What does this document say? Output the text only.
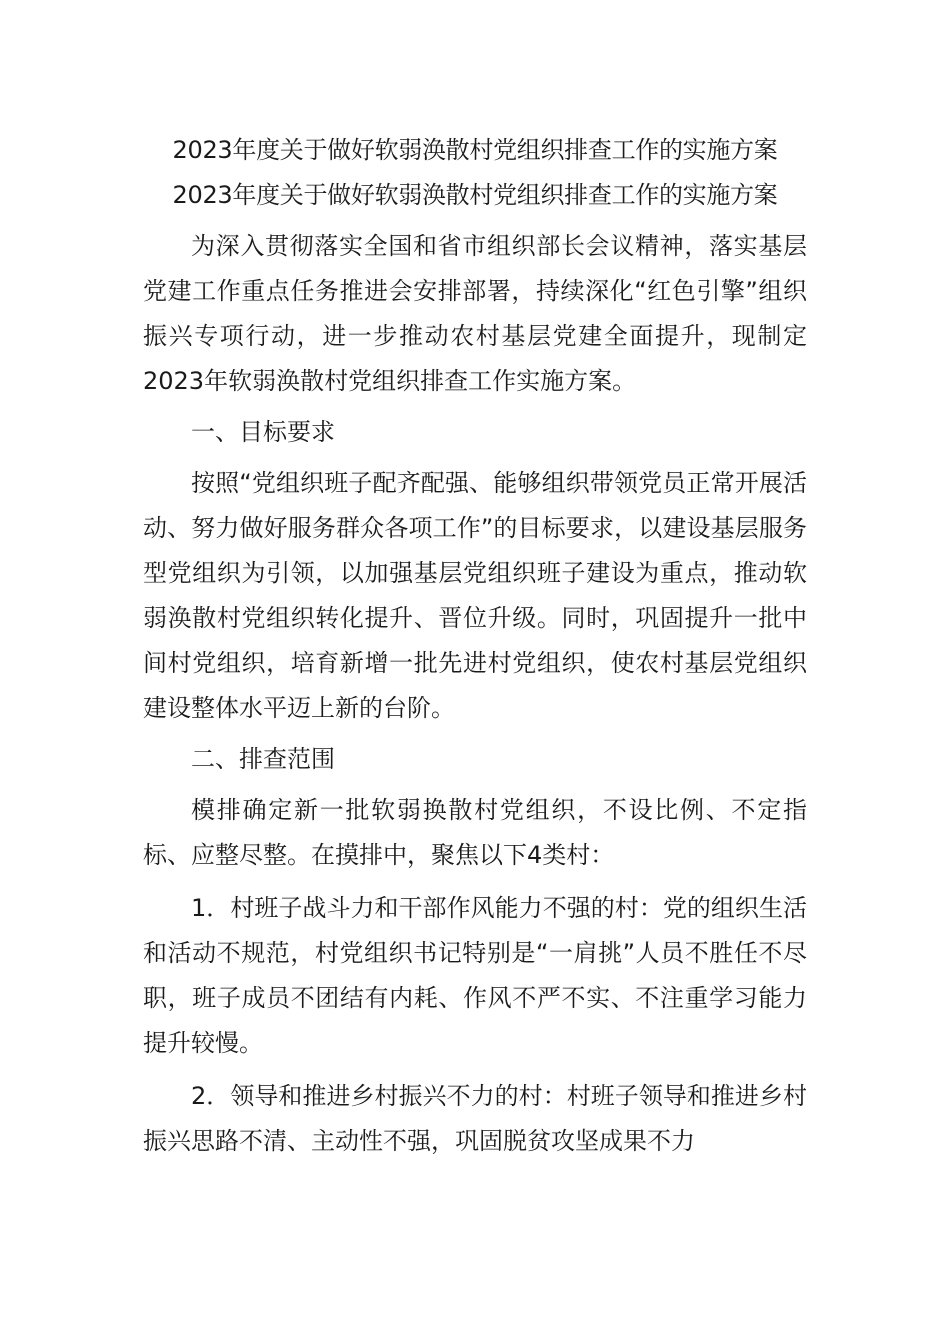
2023年度关于做好软弱涣散村党组织排查工作的实施方案
2023年度关于做好软弱涣散村党组织排查工作的实施方案

为深入贯彻落实全国和省市组织部长会议精神，落实基层党建工作重点任务推进会安排部署，持续深化“红色引擎”组织振兴专项行动，进一步推动农村基层党建全面提升，现制定2023年软弱涣散村党组织排查工作实施方案。

一、目标要求

按照“党组织班子配齐配强、能够组织带领党员正常开展活动、努力做好服务群众各项工作”的目标要求，以建设基层服务型党组织为引领，以加强基层党组织班子建设为重点，推动软弱涣散村党组织转化提升、晋位升级。同时，巩固提升一批中间村党组织，培育新增一批先进村党组织，使农村基层党组织建设整体水平迈上新的台阶。

二、排查范围

模排确定新一批软弱换散村党组织，不设比例、不定指标、应整尽整。在摸排中，聚焦以下4类村：

1．村班子战斗力和干部作风能力不强的村：党的组织生活和活动不规范，村党组织书记特别是“一肩挑”人员不胜任不尽职，班子成员不团结有内耗、作风不严不实、不注重学习能力提升较慢。

2．领导和推进乡村振兴不力的村：村班子领导和推进乡村振兴思路不清、主动性不强，巩固脱贫攻坚成果不力
